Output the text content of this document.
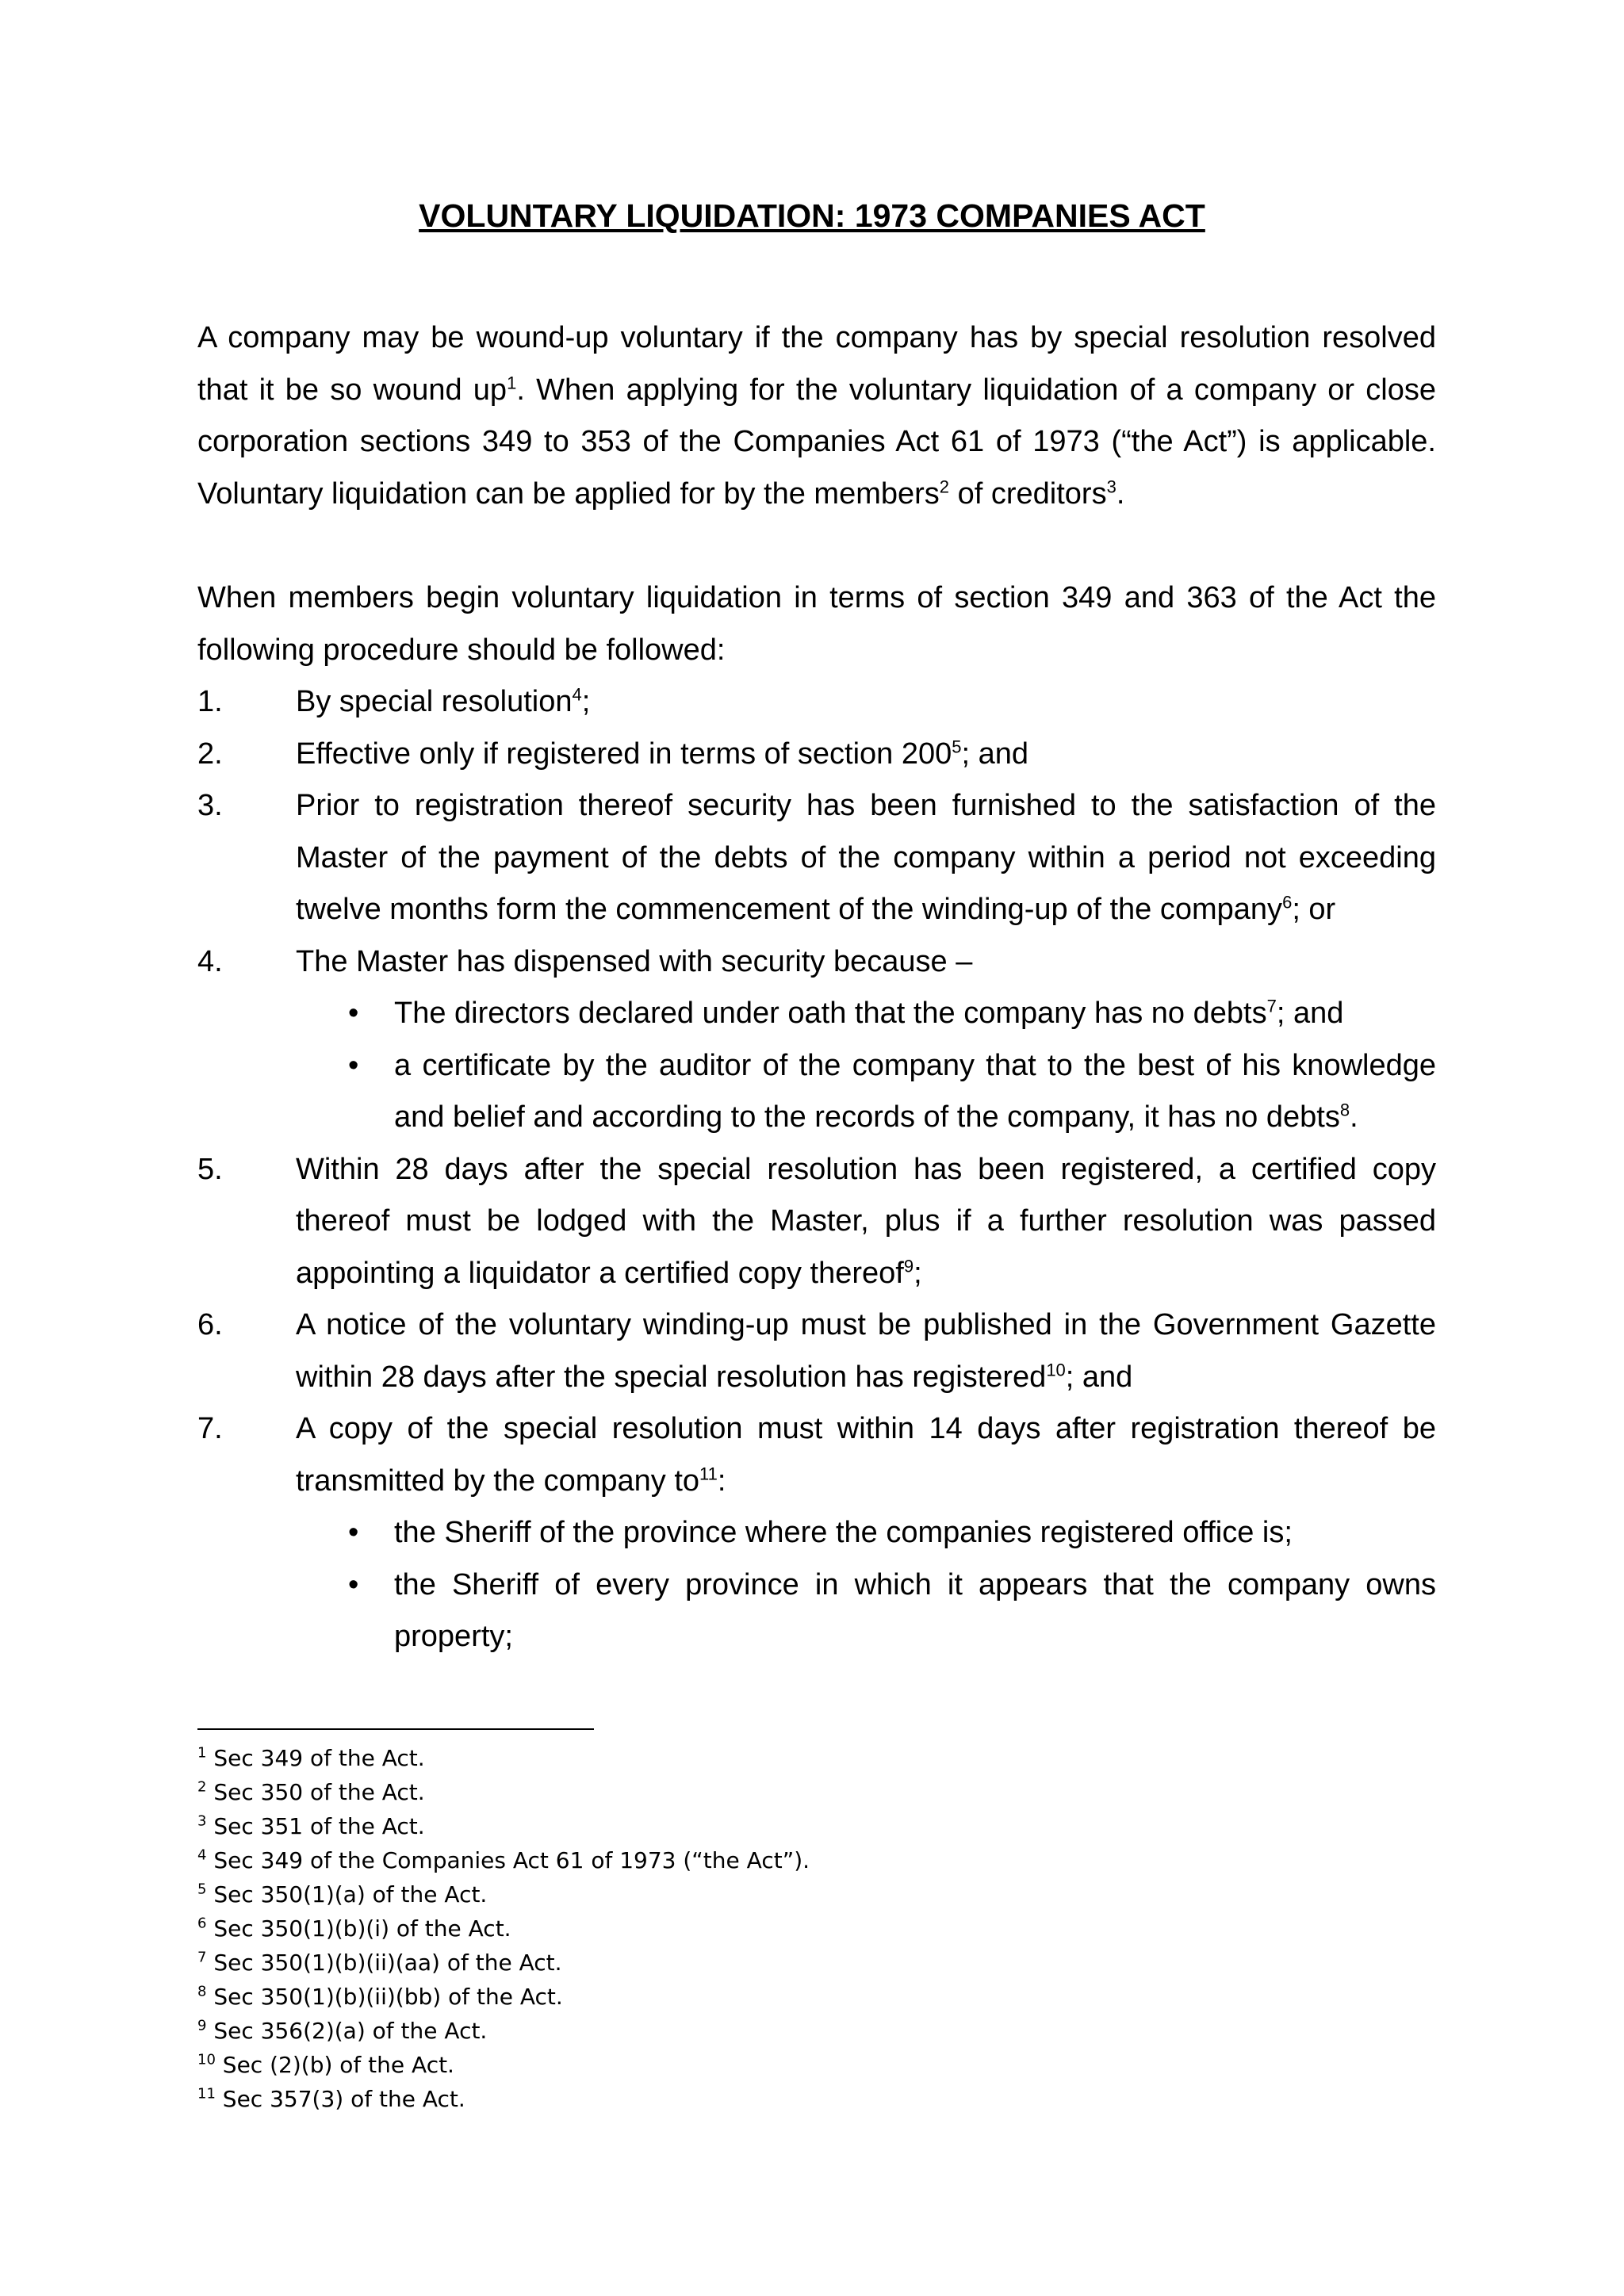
VOLUNTARY LIQUIDATION: 1973 COMPANIES ACT

A company may be wound-up voluntary if the company has by special resolution resolved that it be so wound $up^1$. When applying for the voluntary liquidation of a company or close corporation sections 349 to 353 of the Companies Act 61 of 1973 (“the Act”) is applicable. Voluntary liquidation can be applied for by the members$^2$ of creditors$^3$.

When members begin voluntary liquidation in terms of section 349 and 363 of the Act the following procedure should be followed:

1. By special resolution$^4$;
2. Effective only if registered in terms of section $200^5$; and
3. Prior to registration thereof security has been furnished to the satisfaction of the Master of the payment of the debts of the company within a period not exceeding twelve months form the commencement of the winding-up of the company$^6$; or
4. The Master has dispensed with security because –
• The directors declared under oath that the company has no debts$^7$; and
• a certificate by the auditor of the company that to the best of his knowledge and belief and according to the records of the company, it has no debts$^8$.
5. Within 28 days after the special resolution has been registered, a certified copy thereof must be lodged with the Master, plus if a further resolution was passed appointing a liquidator a certified copy thereof$^9$;
6. A notice of the voluntary winding-up must be published in the Government Gazette within 28 days after the special resolution has registered$^{10}$; and
7. A copy of the special resolution must within 14 days after registration thereof be transmitted by the company $to^{11}$:
• the Sheriff of the province where the companies registered office is;
• the Sheriff of every province in which it appears that the company owns property;
$^1$ Sec 349 of the Act.
$^2$ Sec 350 of the Act.
$^3$ Sec 351 of the Act.
$^4$ Sec 349 of the Companies Act 61 of 1973 (“the Act”).
$^5$ Sec 350(1)(a) of the Act.
$^6$ Sec 350(1)(b)(i) of the Act.
$^7$ Sec 350(1)(b)(ii)(aa) of the Act.
$^8$ Sec 350(1)(b)(ii)(bb) of the Act.
$^9$ Sec 356(2)(a) of the Act.
$^{10}$ Sec (2)(b) of the Act.
$^{11}$ Sec 357(3) of the Act.
